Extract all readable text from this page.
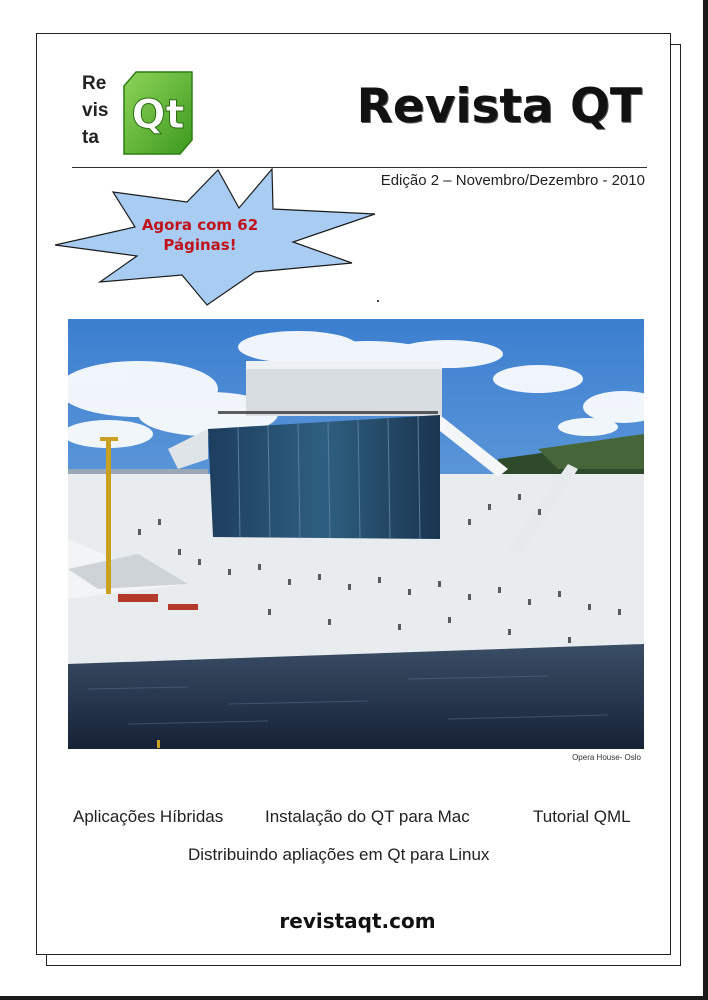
Re
vis
ta Qt	Revista QT
Edição 2 – Novembro/Dezembro - 2010
Agora com 62
Páginas!
Opera House- Oslo
Aplicações Híbridas Instalação do QT para Mac	Tutorial QML
Distribuindo apliações em Qt para Linux
revistaqt.com
